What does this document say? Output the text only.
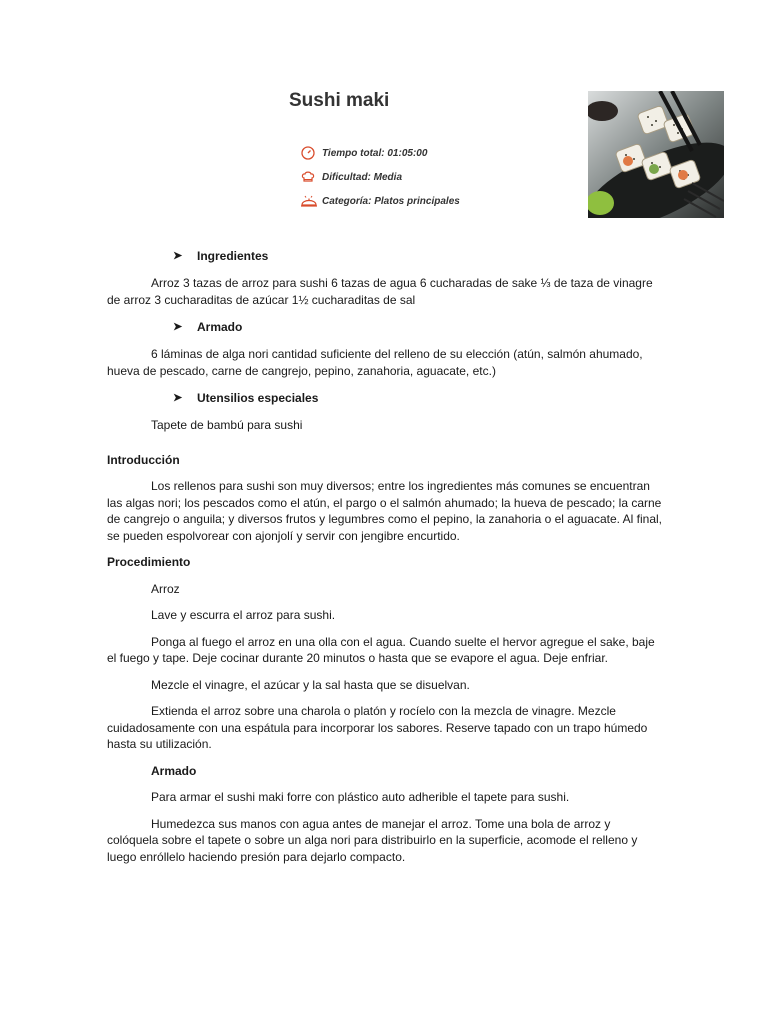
Sushi maki
Tiempo total: 01:05:00
Dificultad: Media
Categoría: Platos principales
➤	Ingredientes

Arroz 3 tazas de arroz para sushi 6 tazas de agua 6 cucharadas de sake ⅓ de taza de vinagre de arroz 3 cucharaditas de azúcar 1½ cucharaditas de sal

➤	Armado

6 láminas de alga nori cantidad suficiente del relleno de su elección (atún, salmón ahumado, hueva de pescado, carne de cangrejo, pepino, zanahoria, aguacate, etc.)

➤	Utensilios especiales

Tapete de bambú para sushi

Introducción

Los rellenos para sushi son muy diversos; entre los ingredientes más comunes se encuentran las algas nori; los pescados como el atún, el pargo o el salmón ahumado; la hueva de pescado; la carne de cangrejo o anguila; y diversos frutos y legumbres como el pepino, la zanahoria o el aguacate. Al final, se pueden espolvorear con ajonjolí y servir con jengibre encurtido.

Procedimiento

Arroz

Lave y escurra el arroz para sushi.

Ponga al fuego el arroz en una olla con el agua. Cuando suelte el hervor agregue el sake, baje el fuego y tape. Deje cocinar durante 20 minutos o hasta que se evapore el agua. Deje enfriar.

Mezcle el vinagre, el azúcar y la sal hasta que se disuelvan.

Extienda el arroz sobre una charola o platón y rocíelo con la mezcla de vinagre. Mezcle cuidadosamente con una espátula para incorporar los sabores. Reserve tapado con un trapo húmedo hasta su utilización.

Armado

Para armar el sushi maki forre con plástico auto adherible el tapete para sushi.

Humedezca sus manos con agua antes de manejar el arroz. Tome una bola de arroz y colóquela sobre el tapete o sobre un alga nori para distribuirlo en la superficie, acomode el relleno y luego enróllelo haciendo presión para dejarlo compacto.
